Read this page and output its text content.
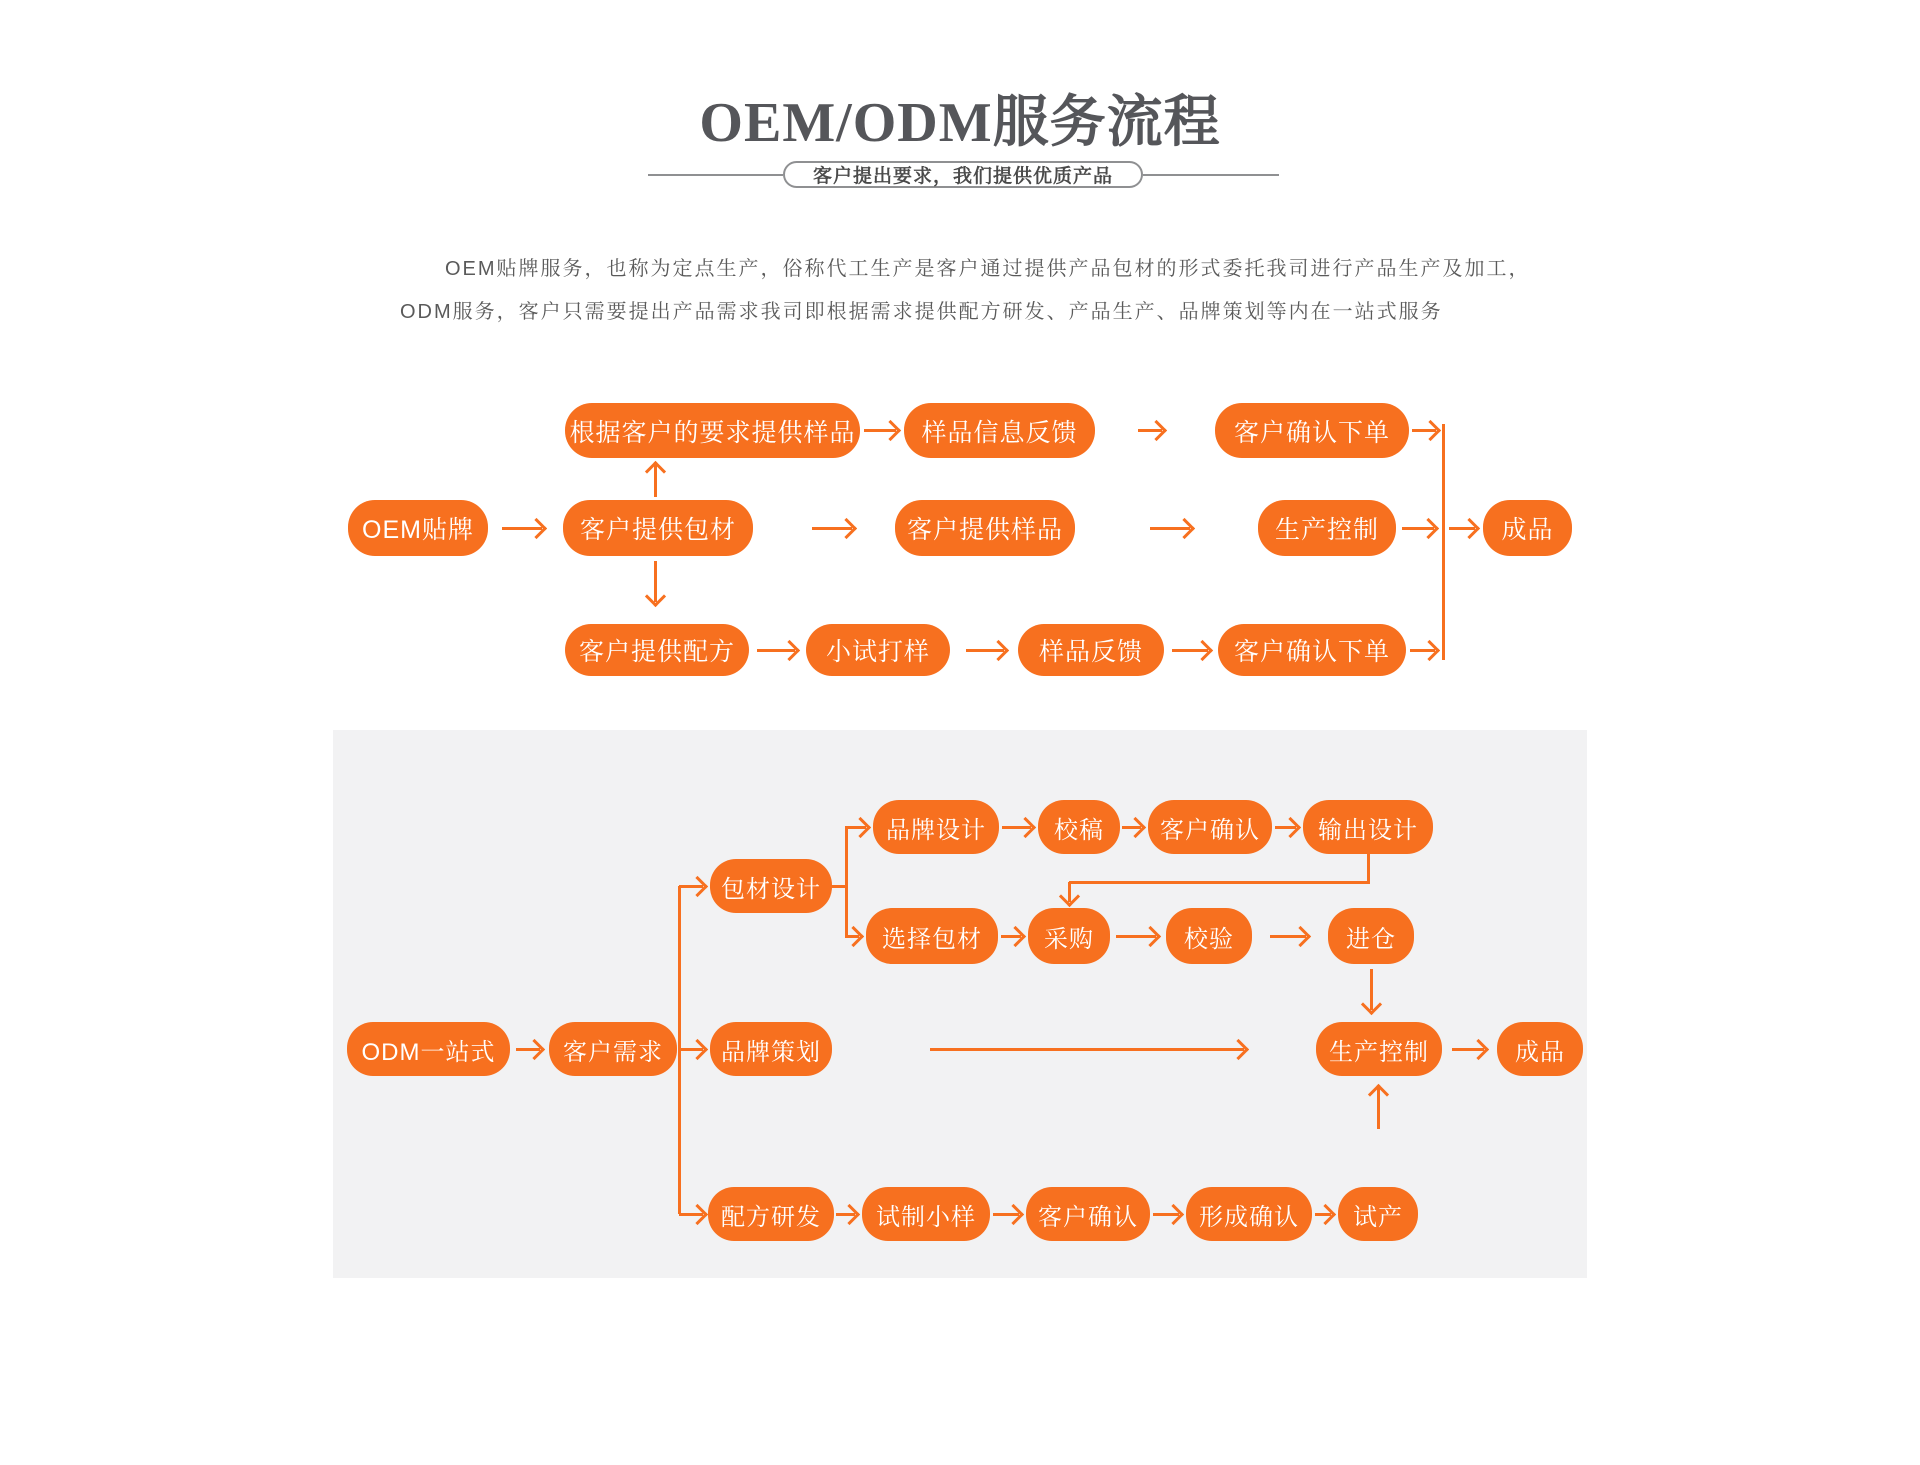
OEM/ODM服务流程
客户提出要求，我们提供优质产品
OEM贴牌服务，也称为定点生产，俗称代工生产是客户通过提供产品包材的形式委托我司进行产品生产及加工，
ODM服务，客户只需要提出产品需求我司即根据需求提供配方研发、产品生产、品牌策划等内在一站式服务
OEM贴牌	客户提供包材
根据客户的要求提供样品	样品信息反馈	客户确认下单
客户提供样品	生产控制	成品
客户提供配方	小试打样	样品反馈	客户确认下单
ODM一站式	客户需求
包材设计
品牌设计	校稿	客户确认	输出设计
选择包材	采购	校验	进仓
品牌策划	生产控制	成品
配方研发	试制小样	客户确认	形成确认	试产
